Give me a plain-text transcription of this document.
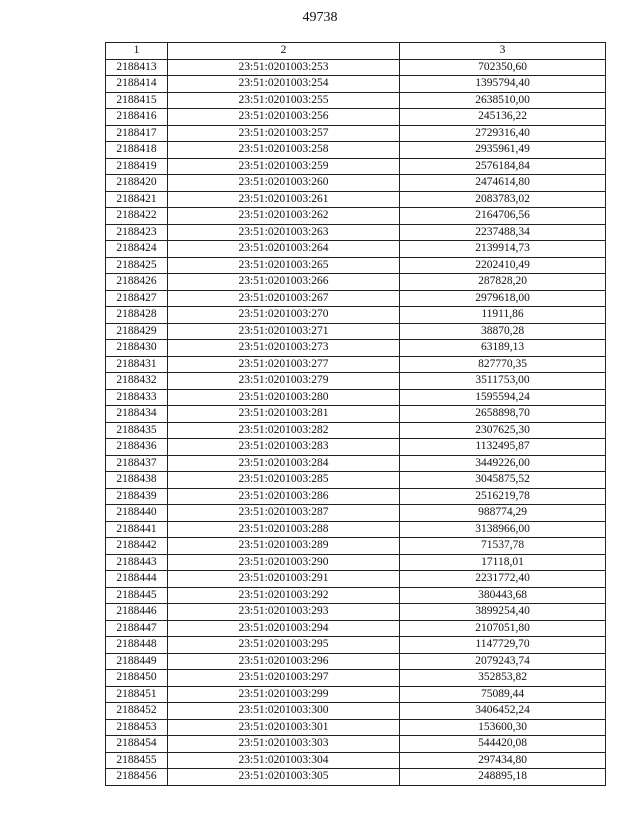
49738
1	2	3
2188413	23:51:0201003:253	702350,60
2188414	23:51:0201003:254	1395794,40
2188415	23:51:0201003:255	2638510,00
2188416	23:51:0201003:256	245136,22
2188417	23:51:0201003:257	2729316,40
2188418	23:51:0201003:258	2935961,49
2188419	23:51:0201003:259	2576184,84
2188420	23:51:0201003:260	2474614,80
2188421	23:51:0201003:261	2083783,02
2188422	23:51:0201003:262	2164706,56
2188423	23:51:0201003:263	2237488,34
2188424	23:51:0201003:264	2139914,73
2188425	23:51:0201003:265	2202410,49
2188426	23:51:0201003:266	287828,20
2188427	23:51:0201003:267	2979618,00
2188428	23:51:0201003:270	11911,86
2188429	23:51:0201003:271	38870,28
2188430	23:51:0201003:273	63189,13
2188431	23:51:0201003:277	827770,35
2188432	23:51:0201003:279	3511753,00
2188433	23:51:0201003:280	1595594,24
2188434	23:51:0201003:281	2658898,70
2188435	23:51:0201003:282	2307625,30
2188436	23:51:0201003:283	1132495,87
2188437	23:51:0201003:284	3449226,00
2188438	23:51:0201003:285	3045875,52
2188439	23:51:0201003:286	2516219,78
2188440	23:51:0201003:287	988774,29
2188441	23:51:0201003:288	3138966,00
2188442	23:51:0201003:289	71537,78
2188443	23:51:0201003:290	17118,01
2188444	23:51:0201003:291	2231772,40
2188445	23:51:0201003:292	380443,68
2188446	23:51:0201003:293	3899254,40
2188447	23:51:0201003:294	2107051,80
2188448	23:51:0201003:295	1147729,70
2188449	23:51:0201003:296	2079243,74
2188450	23:51:0201003:297	352853,82
2188451	23:51:0201003:299	75089,44
2188452	23:51:0201003:300	3406452,24
2188453	23:51:0201003:301	153600,30
2188454	23:51:0201003:303	544420,08
2188455	23:51:0201003:304	297434,80
2188456	23:51:0201003:305	248895,18
